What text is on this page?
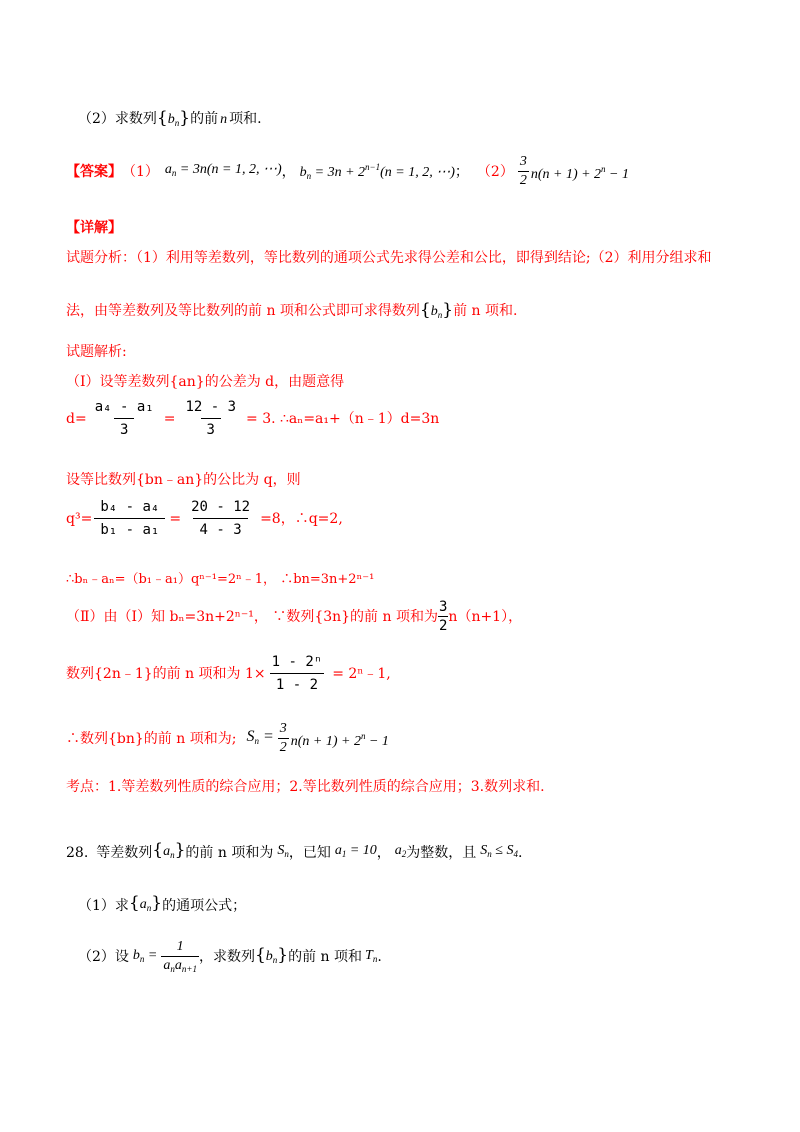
（2）求数列$\{b_n\}$的前 n 项和.
【答案】 （1） $a_n = 3n(n = 1$, 2, ⋯) ， $b_n = 3n + 2^{n-1}(n = 1$, 2, ⋯) ； $(2) \frac{3}{2} n(n + 1) + 2^n - 1$
【详解】
试题分析：（1）利用等差数列，等比数列的通项公式先求得公差和公比，即得到结论;（2）利用分组求和
法，由等差数列及等比数列的前 n 项和公式即可求得数列$\{b_n\}$前 n 项和.
试题解析:
（Ⅰ）设等差数列{an}的公差为 d，由题意得
$d= \frac{\text{a₄ - a₁}}{3} = \frac{12 - 3}{3} = 3$. ∴aₙ=a₁+（n﹣1）d=3n
设等比数列{bn﹣an}的公比为 q，则
$q^3= \frac{\text{b₄ - a₄}}{\text{b₁ - a₁}} = \frac{20 - 12}{4 - 3} =8$，∴q=2,
∴bₙ﹣aₙ=（b₁﹣a₁）qⁿ⁻¹=2ⁿ﹣1， ∴bn=3n+2ⁿ⁻¹
（Ⅱ）由（Ⅰ）知 bₙ=3n+2ⁿ⁻¹， ∵数列{3n}的前 n 项和为 $\frac{3}{2} n(n+1)$，
数列{2n﹣1}的前 n 项和为 $1\times \frac{\text{1 - 2ⁿ}}{1 - 2}$ = 2ⁿ﹣1,
∴数列{bn}的前 n 项和为; $S_n = \frac{3}{2} n(n + 1) + 2^n - 1$
考点：1.等差数列性质的综合应用；2.等比数列性质的综合应用；3.数列求和.
28. 等差数列 $\{a_n\}$ 的前 n 项和为 $S_n$ ，已知 $a_1 = 10$ ， $a_2$ 为整数，且 $S_n \le S_4$ .
（1）求 $\{a_n\}$ 的通项公式；
（2）设 $b_n = \frac{1}{a_na_{n+1}}$ ，求数列 $\{b_n\}$ 的前 n 项和 $T_n$ .
